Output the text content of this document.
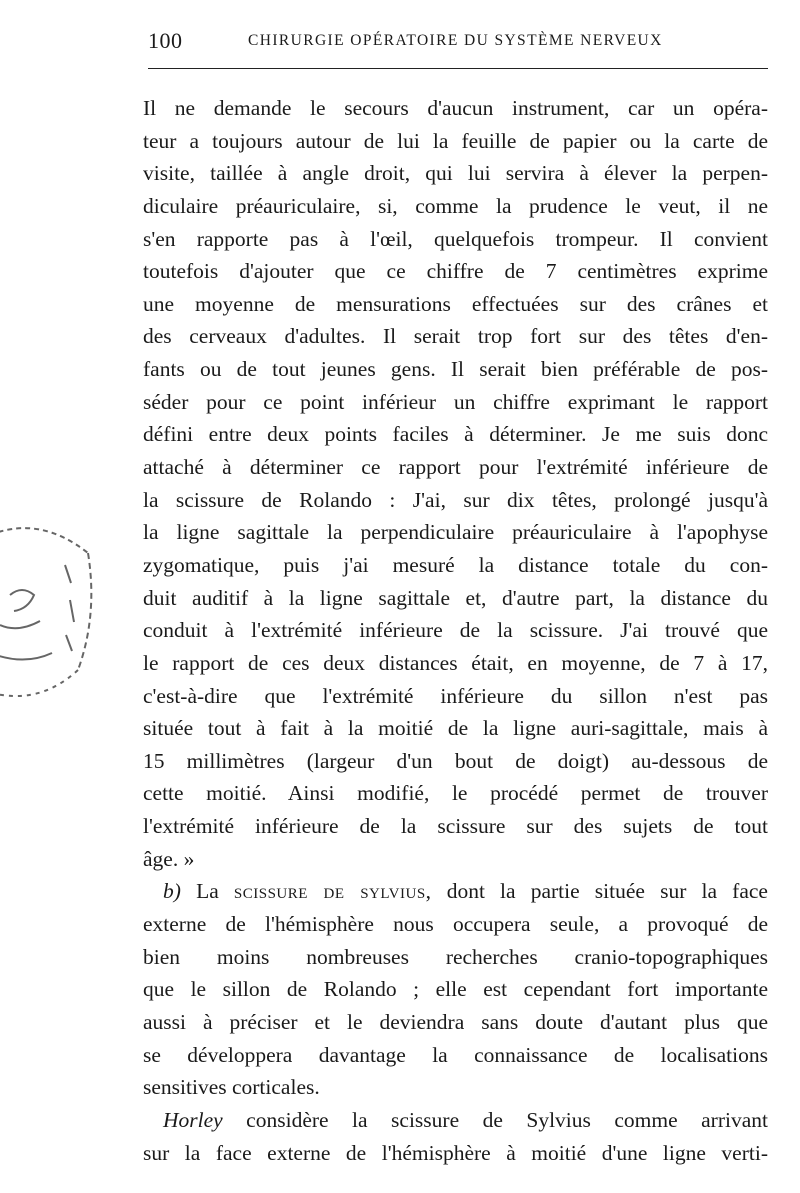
100	CHIRURGIE OPÉRATOIRE DU SYSTÈME NERVEUX
Il ne demande le secours d'aucun instrument, car un opéra-
teur a toujours autour de lui la feuille de papier ou la carte de
visite, taillée à angle droit, qui lui servira à élever la perpen-
diculaire préauriculaire, si, comme la prudence le veut, il ne
s'en rapporte pas à l'œil, quelquefois trompeur. Il convient
toutefois d'ajouter que ce chiffre de 7 centimètres exprime
une moyenne de mensurations effectuées sur des crânes et
des cerveaux d'adultes. Il serait trop fort sur des têtes d'en-
fants ou de tout jeunes gens. Il serait bien préférable de pos-
séder pour ce point inférieur un chiffre exprimant le rapport
défini entre deux points faciles à déterminer. Je me suis donc
attaché à déterminer ce rapport pour l'extrémité inférieure de
la scissure de Rolando : J'ai, sur dix têtes, prolongé jusqu'à
la ligne sagittale la perpendiculaire préauriculaire à l'apophyse
zygomatique, puis j'ai mesuré la distance totale du con-
duit auditif à la ligne sagittale et, d'autre part, la distance du
conduit à l'extrémité inférieure de la scissure. J'ai trouvé que
le rapport de ces deux distances était, en moyenne, de 7 à 17,
c'est-à-dire que l'extrémité inférieure du sillon n'est pas
située tout à fait à la moitié de la ligne auri-sagittale, mais à
15 millimètres (largeur d'un bout de doigt) au-dessous de
cette moitié. Ainsi modifié, le procédé permet de trouver
l'extrémité inférieure de la scissure sur des sujets de tout
âge. »
b) La scissure de sylvius, dont la partie située sur la face
externe de l'hémisphère nous occupera seule, a provoqué de
bien moins nombreuses recherches cranio-topographiques
que le sillon de Rolando ; elle est cependant fort importante
aussi à préciser et le deviendra sans doute d'autant plus que
se développera davantage la connaissance de localisations
sensitives corticales.
Horley considère la scissure de Sylvius comme arrivant
sur la face externe de l'hémisphère à moitié d'une ligne verti-
